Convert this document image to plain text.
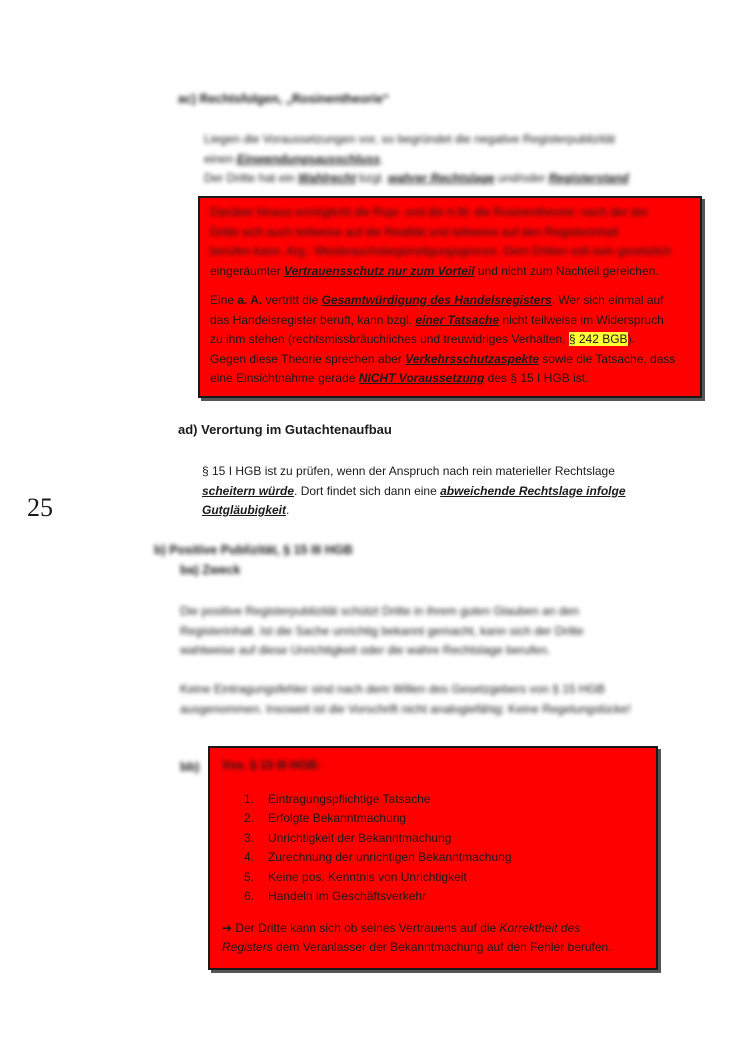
ac) Rechtsfolgen, „Rosinentheorie“
Liegen die Voraussetzungen vor, so begründet die negative Registerpublizität
einen Einwendungsausschluss.
Der Dritte hat ein Wahlrecht bzgl. wahrer Rechtslage und/oder Registerstand

Darüber hinaus ermöglicht die Rspr. und die h.M. die Rosinentheorie: nach der der

Dritte sich auch teilweise auf die Realität und teilweise auf den Registerinhalt

berufen kann. Arg.: Missbrauchsbegünstigungsgrenze. Dem Dritten soll sein gesetzlich

eingeräumter Vertrauensschutz nur zum Vorteil und nicht zum Nachteil gereichen.

Eine a. A. vertritt die Gesamtwürdigung des Handelsregisters. Wer sich einmal auf

das Handelsregister beruft, kann bzgl. einer Tatsache nicht teilweise im Widerspruch

zu ihm stehen (rechtsmissbräuchliches und treuwidriges Verhalten, § 242 BGB).

Gegen diese Theorie sprechen aber Verkehrsschutzaspekte sowie die Tatsache, dass

eine Einsichtnahme gerade NICHT Voraussetzung des § 15 I HGB ist.

ad) Verortung im Gutachtenaufbau
§ 15 I HGB ist zu prüfen, wenn der Anspruch nach rein materieller Rechtslage
scheitern würde. Dort findet sich dann eine abweichende Rechtslage infolge
Gutgläubigkeit.
25
b) Positive Publizität, § 15 III HGB
ba) Zweck
Die positive Registerpublizität schützt Dritte in ihrem guten Glauben an den
Registerinhalt. Ist die Sache unrichtig bekannt gemacht, kann sich der Dritte
wahlweise auf diese Unrichtigkeit oder die wahre Rechtslage berufen.
Keine Eintragungsfehler sind nach dem Willen des Gesetzgebers von § 15 HGB
ausgenommen. Insoweit ist die Vorschrift nicht analogiefähig: Keine Regelungslücke!
bb) Vss. § 15 III HGB:
1.	Eintragungspflichtige Tatsache
2.	Erfolgte Bekanntmachung
3.	Unrichtigkeit der Bekanntmachung
4.	Zurechnung der unrichtigen Bekanntmachung
5.	Keine pos. Kenntnis von Unrichtigkeit
6.	Handeln im Geschäftsverkehr

➔ Der Dritte kann sich ob seines Vertrauens auf die Korrektheit des

Registers dem Veranlasser der Bekanntmachung auf den Fehler berufen.
